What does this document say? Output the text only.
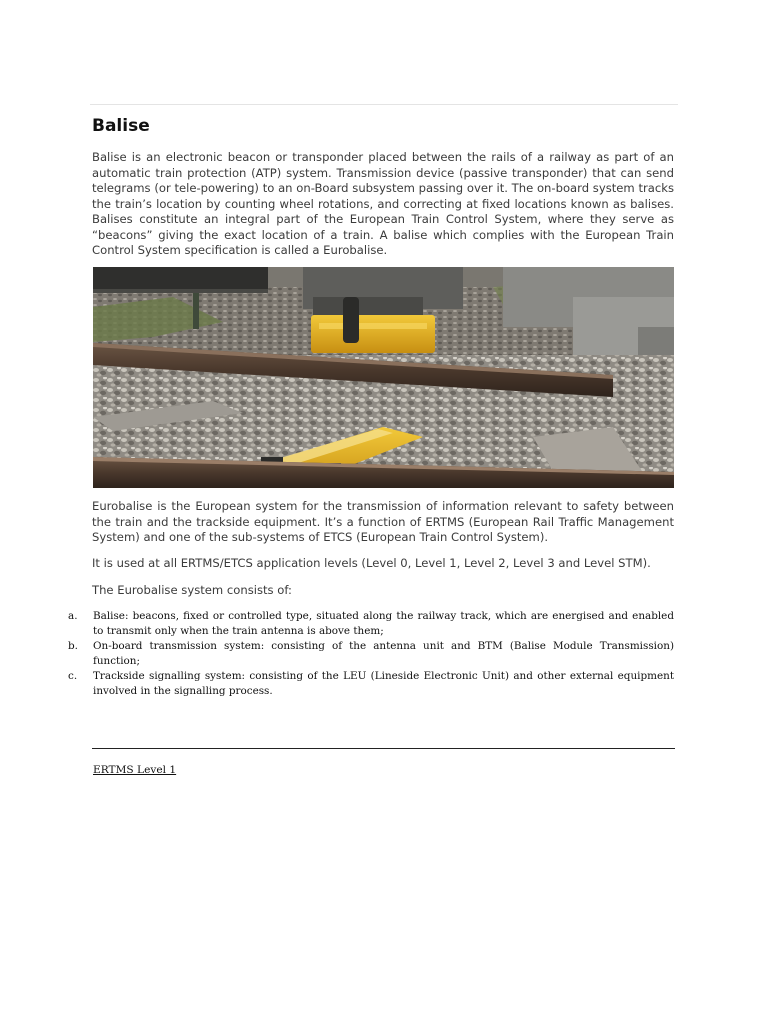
Balise

Balise is an electronic beacon or transponder placed between the rails of a railway as part of an automatic train protection (ATP) system. Transmission device (passive transponder) that can send telegrams (or tele-powering) to an on-Board subsystem passing over it. The on-board system tracks the train’s location by counting wheel rotations, and correcting at fixed locations known as balises. Balises constitute an integral part of the European Train Control System, where they serve as “beacons” giving the exact location of a train. A balise which complies with the European Train Control System specification is called a Eurobalise.

Eurobalise is the European system for the transmission of information relevant to safety between the train and the trackside equipment. It’s a function of ERTMS (European Rail Traffic Management System) and one of the sub-systems of ETCS (European Train Control System).

It is used at all ERTMS/ETCS application levels (Level 0, Level 1, Level 2, Level 3 and Level STM).

The Eurobalise system consists of:

a.	Balise: beacons, fixed or controlled type, situated along the railway track, which are energised and enabled to transmit only when the train antenna is above them;
b.	On-board transmission system: consisting of the antenna unit and BTM (Balise Module Transmission) function;
c.	Trackside signalling system: consisting of the LEU (Lineside Electronic Unit) and other external equipment involved in the signalling process.

ERTMS Level 1
